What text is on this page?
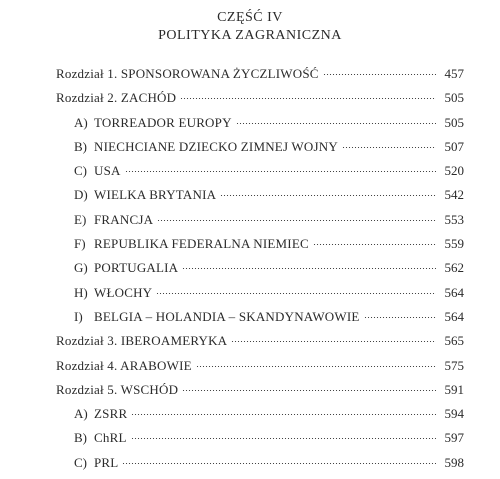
CZĘŚĆ IV
POLITYKA ZAGRANICZNA
Rozdział 1. SPONSOROWANA ŻYCZLIWOŚĆ	457
Rozdział 2. ZACHÓD	505
A) TORREADOR EUROPY	505
B) NIECHCIANE DZIECKO ZIMNEJ WOJNY	507
C) USA	520
D) WIELKA BRYTANIA	542
E) FRANCJA	553
F) REPUBLIKA FEDERALNA NIEMIEC	559
G) PORTUGALIA	562
H) WŁOCHY	564
I) BELGIA – HOLANDIA – SKANDYNAWOWIE	564
Rozdział 3. IBEROAMERYKA	565
Rozdział 4. ARABOWIE	575
Rozdział 5. WSCHÓD	591
A) ZSRR	594
B) ChRL	597
C) PRL	598
